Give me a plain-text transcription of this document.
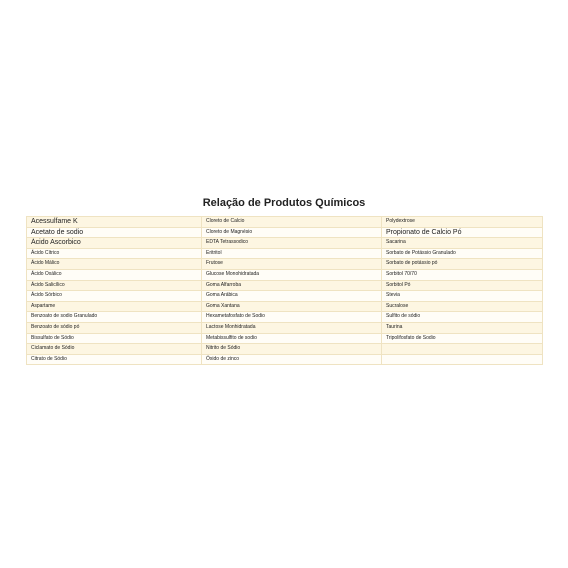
Relação de Produtos Químicos
Acessulfame K	Cloreto de Calcio	Polydextrose
Acetato de sodio	Cloreto de Magnésio	Propionato de Calcio Pó
Ácido Ascorbico	EDTA Tetrassodico	Sacarina
Ácido Cítrico	Eritritol	Sorbato de Potássio Granulado
Ácido Málico	Frutose	Sorbato de potássio pó
Ácido Oxálico	Glucose Monohidratada	Sorbitol 70/70
Ácido Salicílico	Goma Alfarroba	Sorbitol Pó
Ácido Sórbico	Goma Arábica	Stevia
Aspartame	Goma Xantana	Sucralose
Benzoato de sodio Granulado	Hexametafosfato de Sodio	Sulfito de sódio
Benzoato de sódio pó	Lactose Monhidratada	Taurina
Bissulfato de Sódio	Metabissulfito de sodio	Tripolifosfato de Sodio
Ciclamato de Sódio	Nitrito de Sódio	
Citrato de Sódio	Óxido de zinco	
